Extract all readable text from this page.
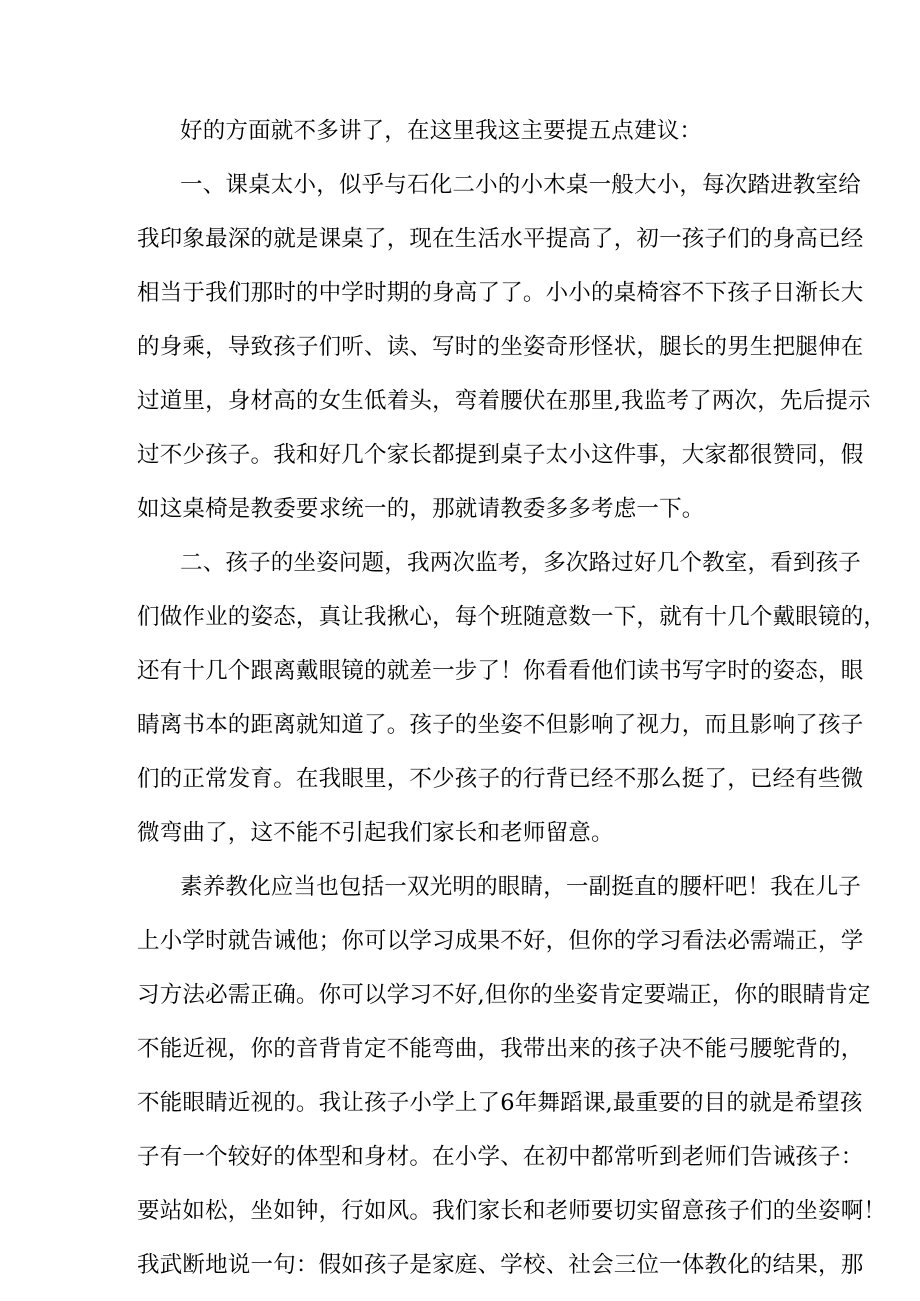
好的方面就不多讲了，在这里我这主要提五点建议：
一、课桌太小，似乎与石化二小的小木桌一般大小，每次踏进教室给
我印象最深的就是课桌了，现在生活水平提高了，初一孩子们的身高已经
相当于我们那时的中学时期的身高了了。小小的桌椅容不下孩子日渐长大
的身乘，导致孩子们听、读、写时的坐姿奇形怪状，腿长的男生把腿伸在
过道里，身材高的女生低着头，弯着腰伏在那里,我监考了两次，先后提示
过不少孩子。我和好几个家长都提到桌子太小这件事，大家都很赞同，假
如这桌椅是教委要求统一的，那就请教委多多考虑一下。
二、孩子的坐姿问题，我两次监考，多次路过好几个教室，看到孩子
们做作业的姿态，真让我揪心，每个班随意数一下，就有十几个戴眼镜的，
还有十几个跟离戴眼镜的就差一步了！你看看他们读书写字时的姿态，眼
睛离书本的距离就知道了。孩子的坐姿不但影响了视力，而且影响了孩子
们的正常发育。在我眼里，不少孩子的行背已经不那么挺了，已经有些微
微弯曲了，这不能不引起我们家长和老师留意。
素养教化应当也包括一双光明的眼睛，一副挺直的腰杆吧！我在儿子
上小学时就告诫他；你可以学习成果不好，但你的学习看法必需端正，学
习方法必需正确。你可以学习不好,但你的坐姿肯定要端正，你的眼睛肯定
不能近视，你的音背肯定不能弯曲，我带出来的孩子决不能弓腰鸵背的，
不能眼睛近视的。我让孩子小学上了6年舞蹈课,最重要的目的就是希望孩
子有一个较好的体型和身材。在小学、在初中都常听到老师们告诫孩子：
要站如松，坐如钟，行如风。我们家长和老师要切实留意孩子们的坐姿啊！
我武断地说一句：假如孩子是家庭、学校、社会三位一体教化的结果，那
